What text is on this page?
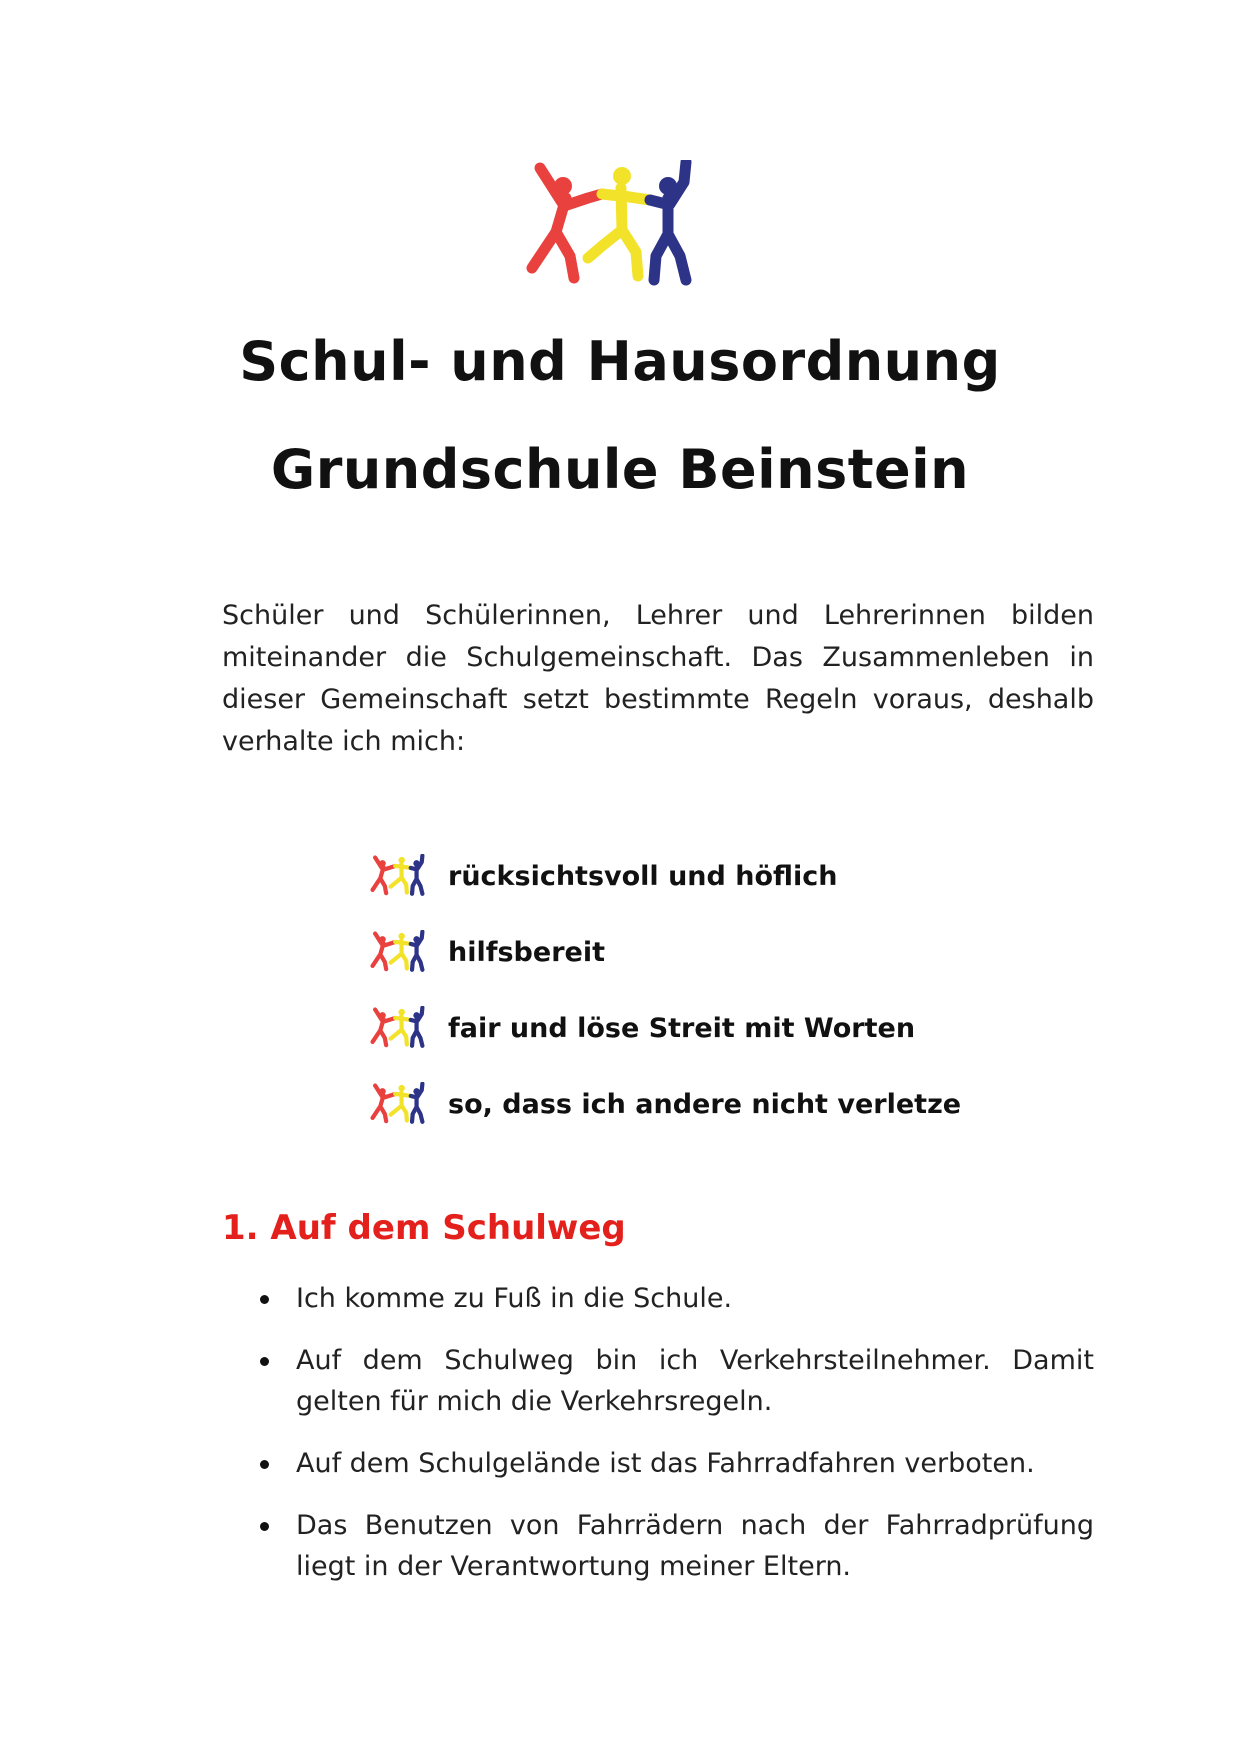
Schul- und Hausordnung
Grundschule Beinstein

Schüler und Schülerinnen, Lehrer und Lehrerinnen bilden miteinander die Schulgemeinschaft. Das Zusammenleben in dieser Gemeinschaft setzt bestimmte Regeln voraus, deshalb verhalte ich mich:

rücksichtsvoll und höflich
hilfsbereit
fair und löse Streit mit Worten
so, dass ich andere nicht verletze
1. Auf dem Schulweg
Ich komme zu Fuß in die Schule.
Auf dem Schulweg bin ich Verkehrsteilnehmer. Damit gelten für mich die Verkehrsregeln.
Auf dem Schulgelände ist das Fahrradfahren verboten.
Das Benutzen von Fahrrädern nach der Fahrradprüfung liegt in der Verantwortung meiner Eltern.
